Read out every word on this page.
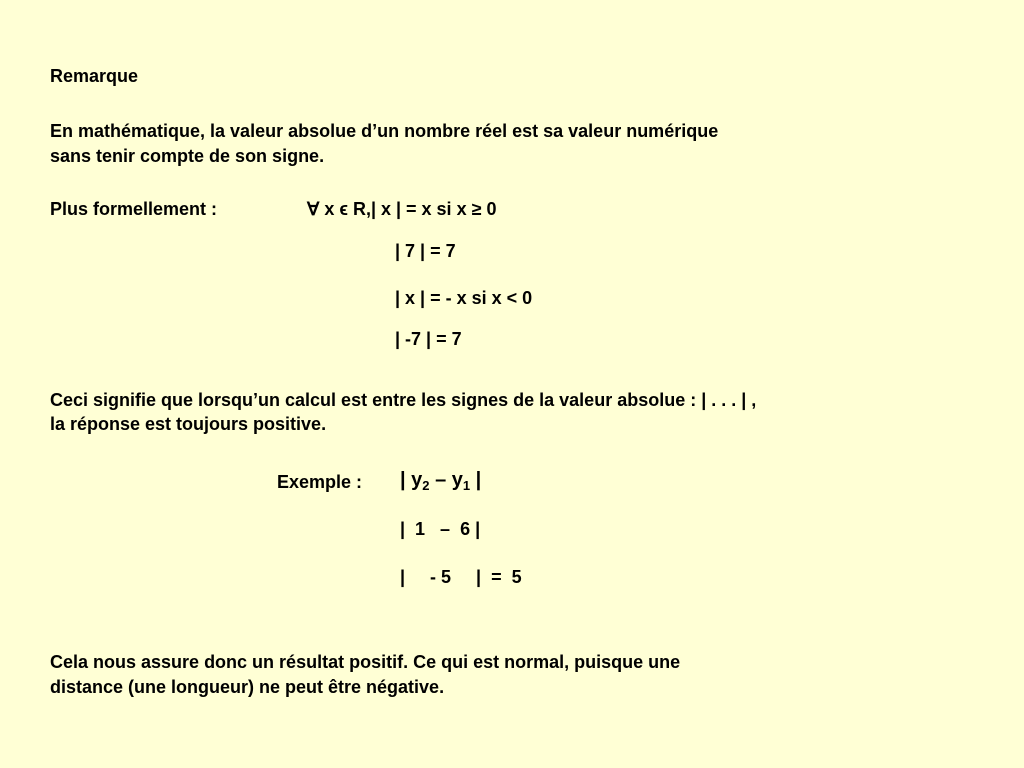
Remarque
En mathématique, la valeur absolue d’un nombre réel est sa valeur numérique
sans tenir compte de son signe.
Plus formellement :	∀ x ϵ R,| x | = x si x ≥ 0
| 7 | = 7
| x | = - x si x < 0
| -7 | = 7
Ceci signifie que lorsqu’un calcul est entre les signes de la valeur absolue : | . . . | ,
la réponse est toujours positive.
Exemple : | $y_2 - y_1$ |
|  1   –  6 |
|     - 5     |  =  5
Cela nous assure donc un résultat positif. Ce qui est normal, puisque une
distance (une longueur) ne peut être négative.
